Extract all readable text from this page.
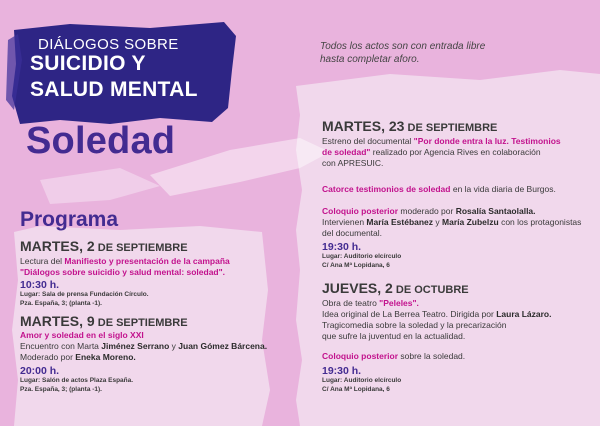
DIÁLOGOS SOBRE
SUICIDIO Y
SALUD MENTAL
Soledad
Todos los actos son con entrada libre
hasta completar aforo.
Programa
MARTES, 2 DE SEPTIEMBRE
Lectura del Manifiesto y presentación de la campaña
"Diálogos sobre suicidio y salud mental: soledad".
10:30 h.
Lugar: Sala de prensa Fundación Círculo.
Pza. España, 3; (planta -1).
MARTES, 9 DE SEPTIEMBRE
Amor y soledad en el siglo XXI
Encuentro con Marta Jiménez Serrano y Juan Gómez Bárcena.
Moderado por Eneka Moreno.
20:00 h.
Lugar: Salón de actos Plaza España.
Pza. España, 3; (planta -1).
MARTES, 23 DE SEPTIEMBRE
Estreno del documental "Por donde entra la luz. Testimonios
de soledad" realizado por Agencia Rives en colaboración
con APRESUIC.
Catorce testimonios de soledad en la vida diaria de Burgos.
Coloquio posterior moderado por Rosalía Santaolalla.
Intervienen María Estébanez y María Zubelzu con los protagonistas
del documental.
19:30 h.
Lugar: Auditorio elcírculo
C/ Ana Mª Lopidana, 6
JUEVES, 2 DE OCTUBRE
Obra de teatro "Peleles".
Idea original de La Berrea Teatro. Dirigida por Laura Lázaro.
Tragicomedia sobre la soledad y la precarización
que sufre la juventud en la actualidad.
Coloquio posterior sobre la soledad.
19:30 h.
Lugar: Auditorio elcírculo
C/ Ana Mª Lopidana, 6
